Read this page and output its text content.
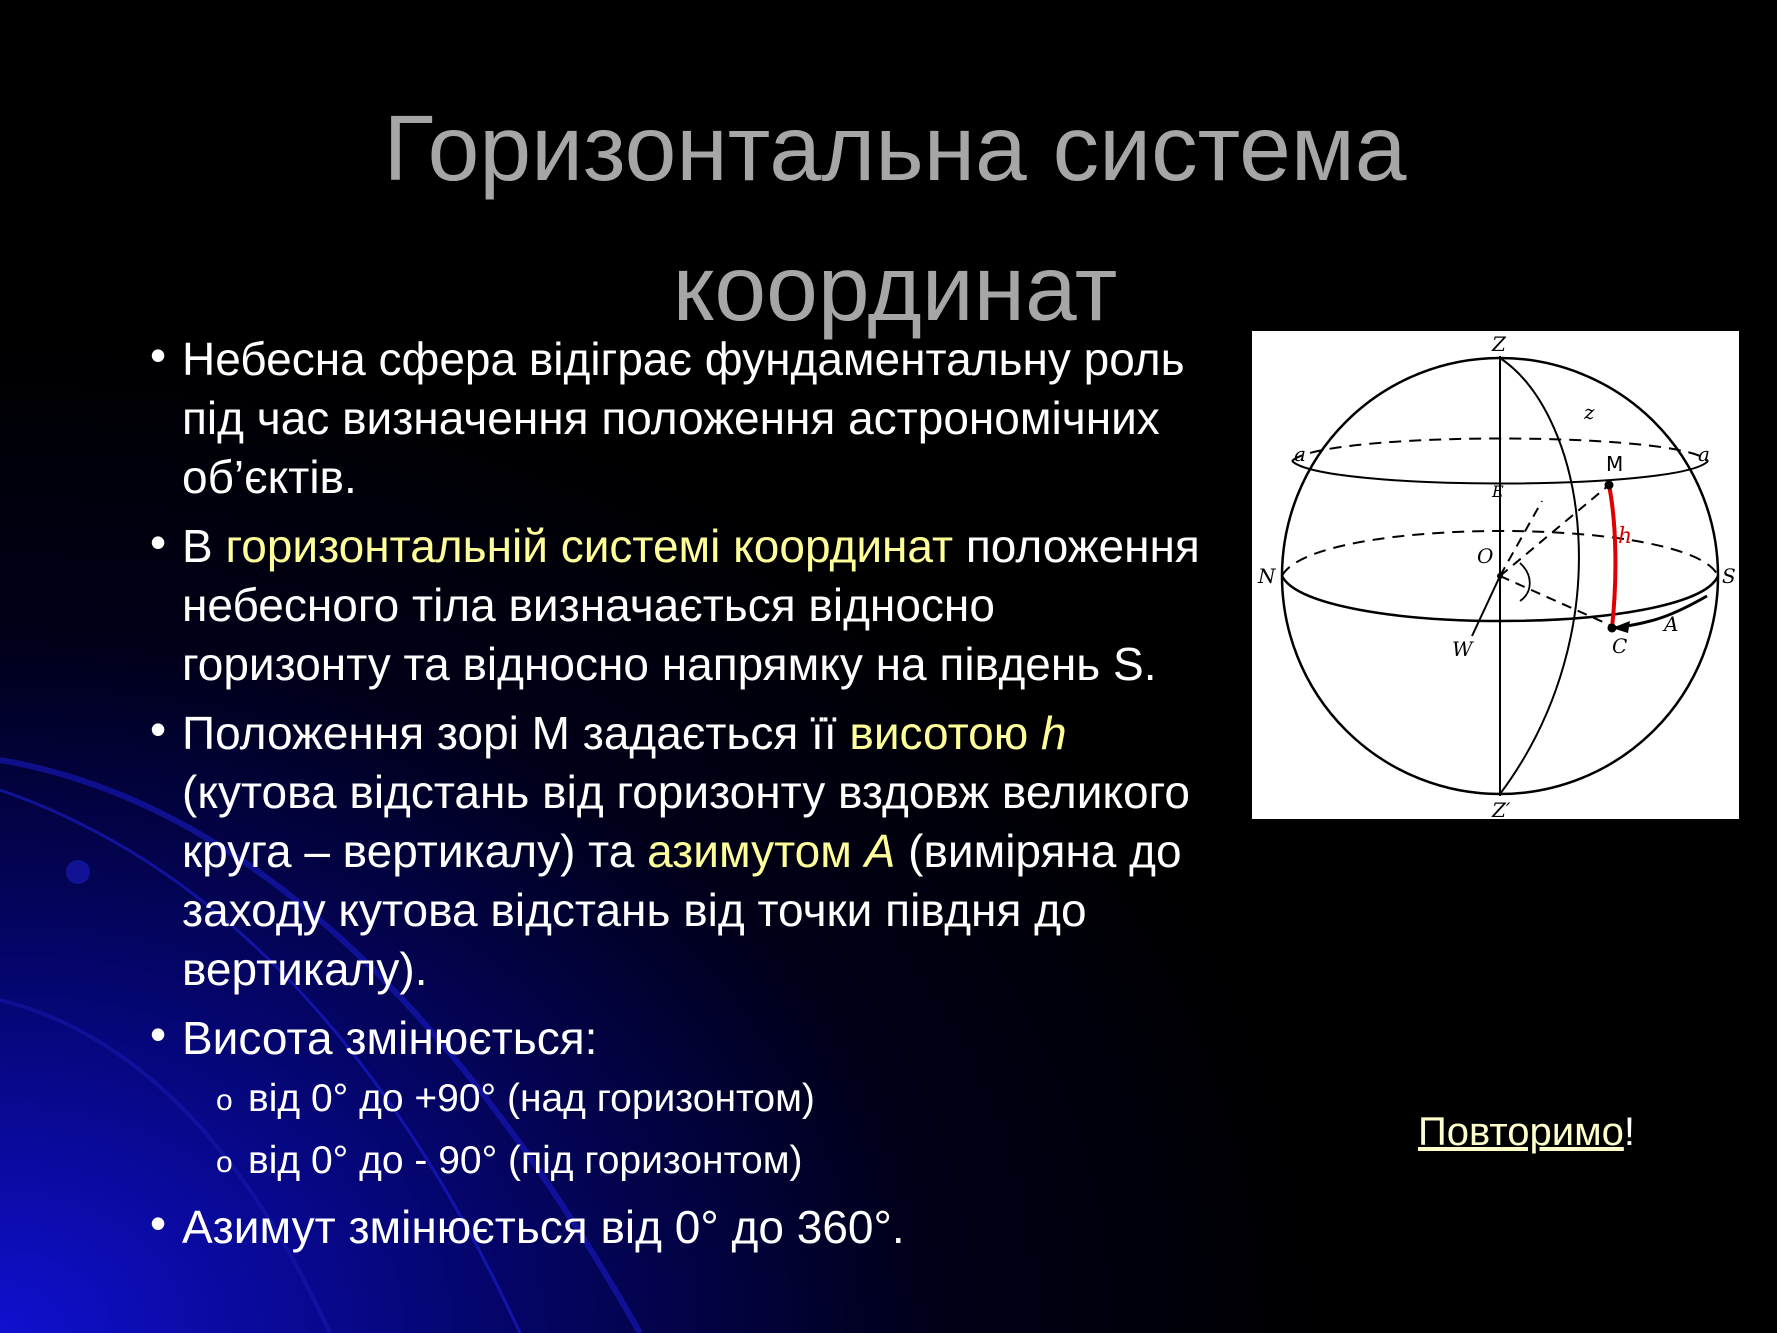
Горизонтальна система
координат
• Небесна сфера відіграє фундаментальну роль під час визначення положення астрономічних об’єктів.
• В горизонтальній системі координат положення небесного тіла визначається відносно горизонту та відносно напрямку на південь S.
• Положення зорі М задається її висотою h (кутова відстань від горизонту вздовж великого круга – вертикалу) та азимутом A (виміряна до заходу кутова відстань від точки півдня до вертикалу).
• Висота змінюється:
o від 0° до +90° (над горизонтом)
o від 0° до - 90° (під горизонтом)
• Азимут змінюється від 0° до 360°.
Z
Z′
z
M
a	a
E
O
N	S
W	C
A
h
Повторимо!
